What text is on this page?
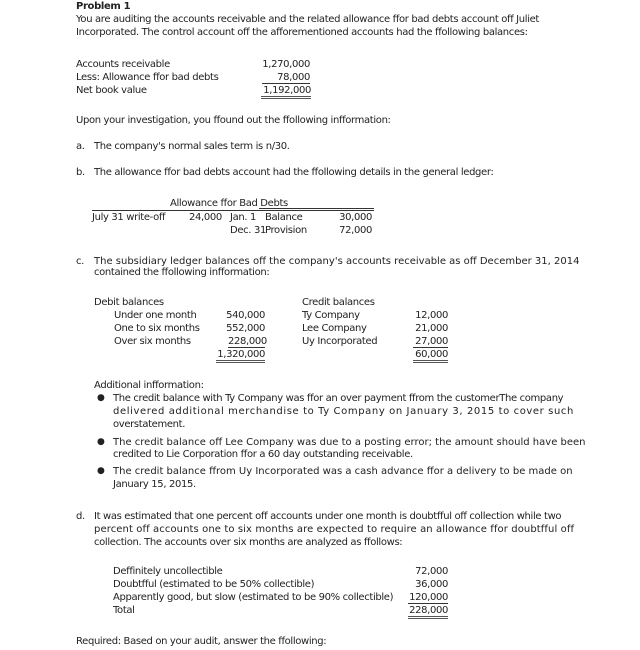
Problem 1
You are auditing the accounts receivable and the related allowance ffor bad debts account off Juliet
Incorporated. The control account off the afforementioned accounts had the ffollowing balances:
Accounts receivable	1,270,000
Less: Allowance ffor bad debts	78,000
Net book value	1,192,000
Upon your investigation, you ffound out the ffollowing infformation:
a. The company's normal sales term is n/30.
b. The allowance ffor bad debts account had the ffollowing details in the general ledger:
Allowance ffor Bad Debts
July 31 write-off 24,000 Jan. 1 Balance	30,000
Dec. 31 Provision	72,000
c. The subsidiary ledger balances off the company's accounts receivable as off December 31, 2014
contained the ffollowing infformation:
Debit balances
Under one month	540,000
One to six months	552,000
Over six months	228,000
1,320,000
Credit balances
Ty Company	12,000
Lee Company	21,000
Uy Incorporated	27,000
60,000
Additional infformation:
● The credit balance with Ty Company was ffor an over payment ffrom the customerThe company
delivered additional merchandise to Ty Company on January 3, 2015 to cover such
overstatement.
● The credit balance off Lee Company was due to a posting error; the amount should have been
credited to Lie Corporation ffor a 60 day outstanding receivable.
● The credit balance ffrom Uy Incorporated was a cash advance ffor a delivery to be made on
January 15, 2015.
d. It was estimated that one percent off accounts under one month is doubtfful off collection while two
percent off accounts one to six months are expected to require an allowance ffor doubtfful off
collection. The accounts over six months are analyzed as ffollows:
Deffinitely uncollectible	72,000
Doubtfful (estimated to be 50% collectible)	36,000
Apparently good, but slow (estimated to be 90% collectible) 120,000
Total	228,000
Required: Based on your audit, answer the ffollowing:
